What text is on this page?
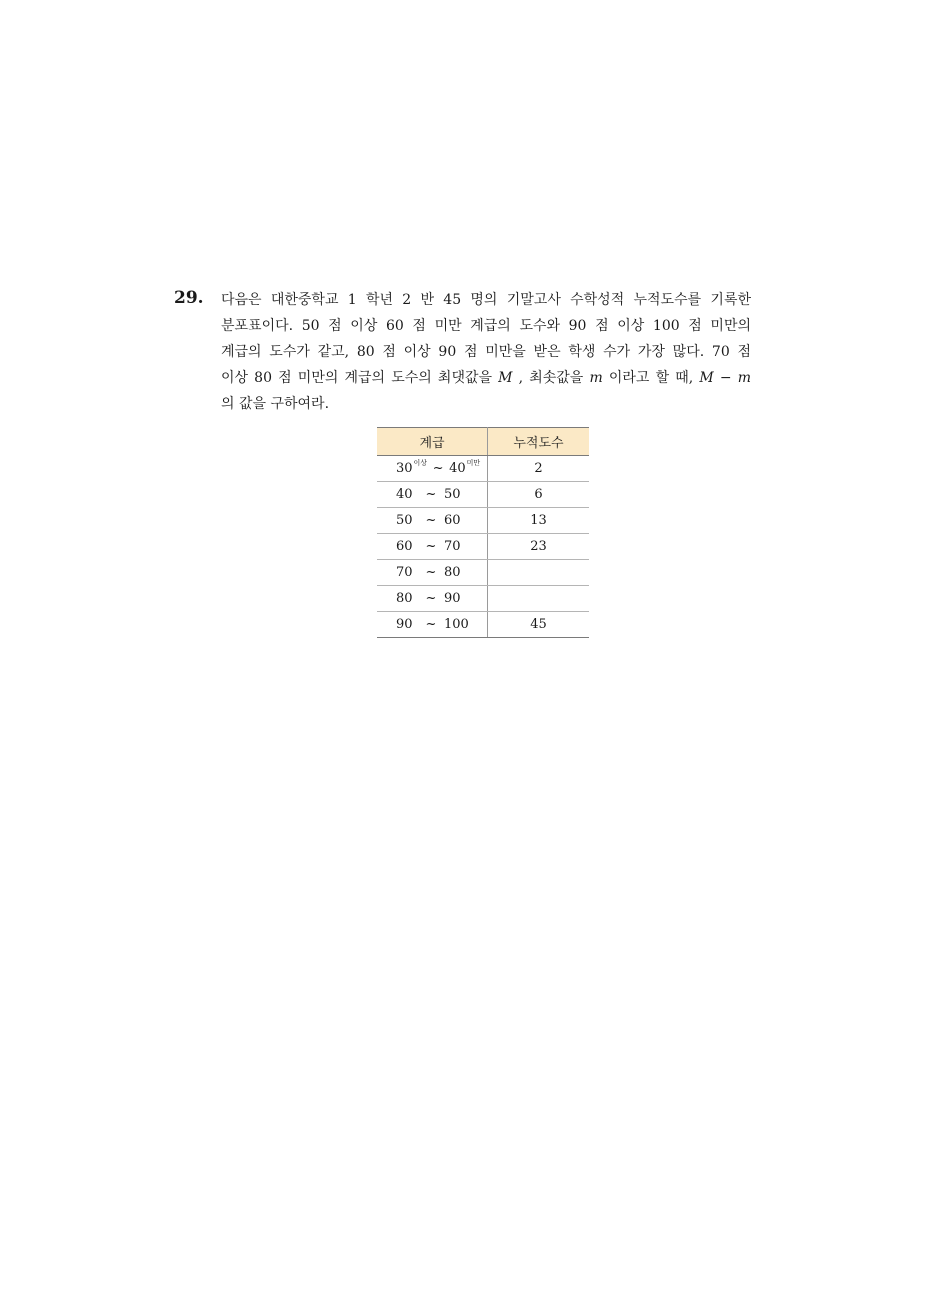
29. 다음은 대한중학교 1 학년 2 반 45 명의 기말고사 수학성적 누적도수를 기록한
분포표이다. 50 점 이상 60 점 미만 계급의 도수와 90 점 이상 100 점 미만의
계급의 도수가 같고, 80 점 이상 90 점 미만을 받은 학생 수가 가장 많다. 70 점
이상 80 점 미만의 계급의 도수의 최댓값을 M , 최솟값을 m 이라고 할 때, M − m
의 값을 구하여라.
계급	누적도수
30$^{이상}$ ~ 40$^{미만}$	2
40 ~ 50	6
50 ~ 60	13
60 ~ 70	23
70 ~ 80	
80 ~ 90	
90 ~ 100	45
